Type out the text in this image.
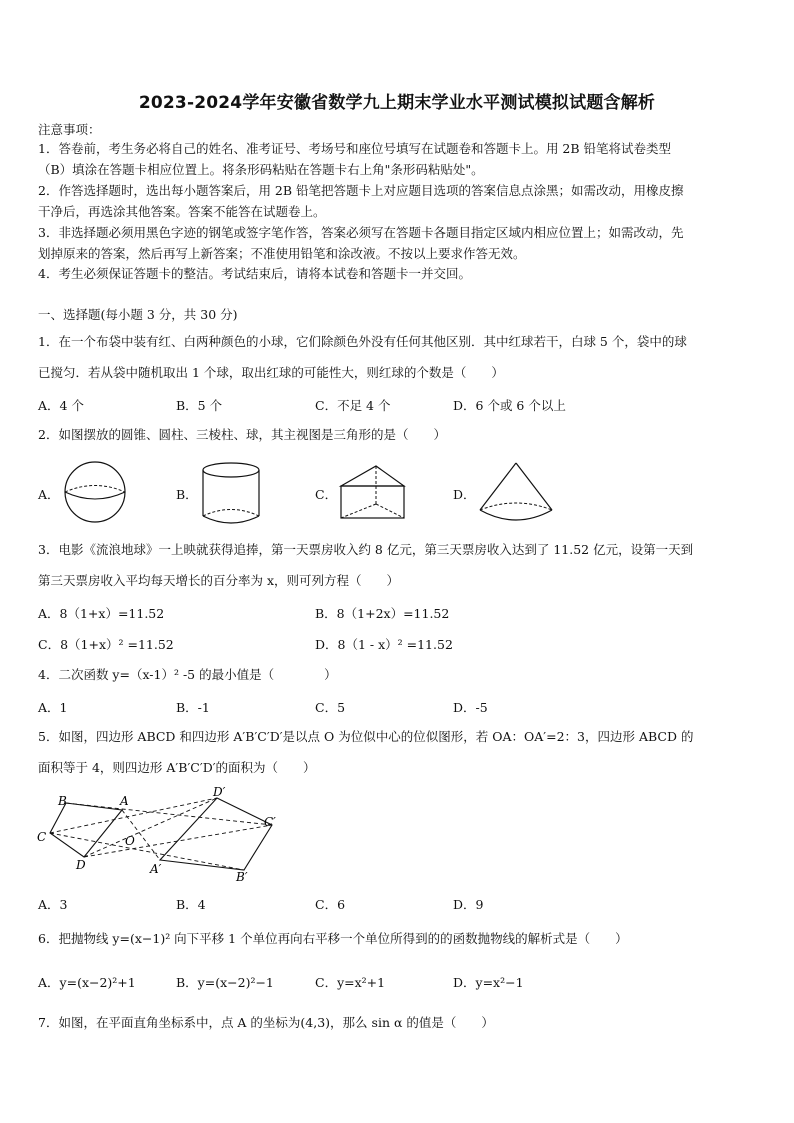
2023-2024学年安徽省数学九上期末学业水平测试模拟试题含解析
注意事项：
1．答卷前，考生务必将自己的姓名、准考证号、考场号和座位号填写在试题卷和答题卡上。用 2B 铅笔将试卷类型
（B）填涂在答题卡相应位置上。将条形码粘贴在答题卡右上角"条形码粘贴处"。
2．作答选择题时，选出每小题答案后，用 2B 铅笔把答题卡上对应题目选项的答案信息点涂黑；如需改动，用橡皮擦
干净后，再选涂其他答案。答案不能答在试题卷上。
3．非选择题必须用黑色字迹的钢笔或签字笔作答，答案必须写在答题卡各题目指定区域内相应位置上；如需改动，先
划掉原来的答案，然后再写上新答案；不准使用铅笔和涂改液。不按以上要求作答无效。
4．考生必须保证答题卡的整洁。考试结束后，请将本试卷和答题卡一并交回。
一、选择题(每小题 3 分，共 30 分)
1．在一个布袋中装有红、白两种颜色的小球，它们除颜色外没有任何其他区别．其中红球若干，白球 5 个，袋中的球
已搅匀．若从袋中随机取出 1 个球，取出红球的可能性大，则红球的个数是（　　）
A．4 个	B．5 个	C．不足 4 个	D．6 个或 6 个以上
2．如图摆放的圆锥、圆柱、三棱柱、球，其主视图是三角形的是（　　）
A．	B．	C．	D．
3．电影《流浪地球》一上映就获得追捧，第一天票房收入约 8 亿元，第三天票房收入达到了 11.52 亿元，设第一天到
第三天票房收入平均每天增长的百分率为 x，则可列方程（　　）
A．8（1+x）=11.52	B．8（1+2x）=11.52
C．8（1+x）² =11.52	D．8（1 - x）² =11.52
4．二次函数 y=（x-1）² -5 的最小值是（　　　　）
A．1	B．-1	C．5	D．-5
5．如图，四边形 ABCD 和四边形 A′B′C′D′是以点 O 为位似中心的位似图形，若 OA：OA′=2：3，四边形 ABCD 的
面积等于 4，则四边形 A′B′C′D′的面积为（　　）
B	A
C
D
O
D′
C′
A′
B′
A．3	B．4	C．6	D．9
6．把抛物线 y=(x−1)² 向下平移 1 个单位再向右平移一个单位所得到的的函数抛物线的解析式是（　　）
A．y=(x−2)²+1	B．y=(x−2)²−1	C．y=x²+1	D．y=x²−1
7．如图，在平面直角坐标系中，点 A 的坐标为(4,3)，那么 sin α 的值是（　　）
